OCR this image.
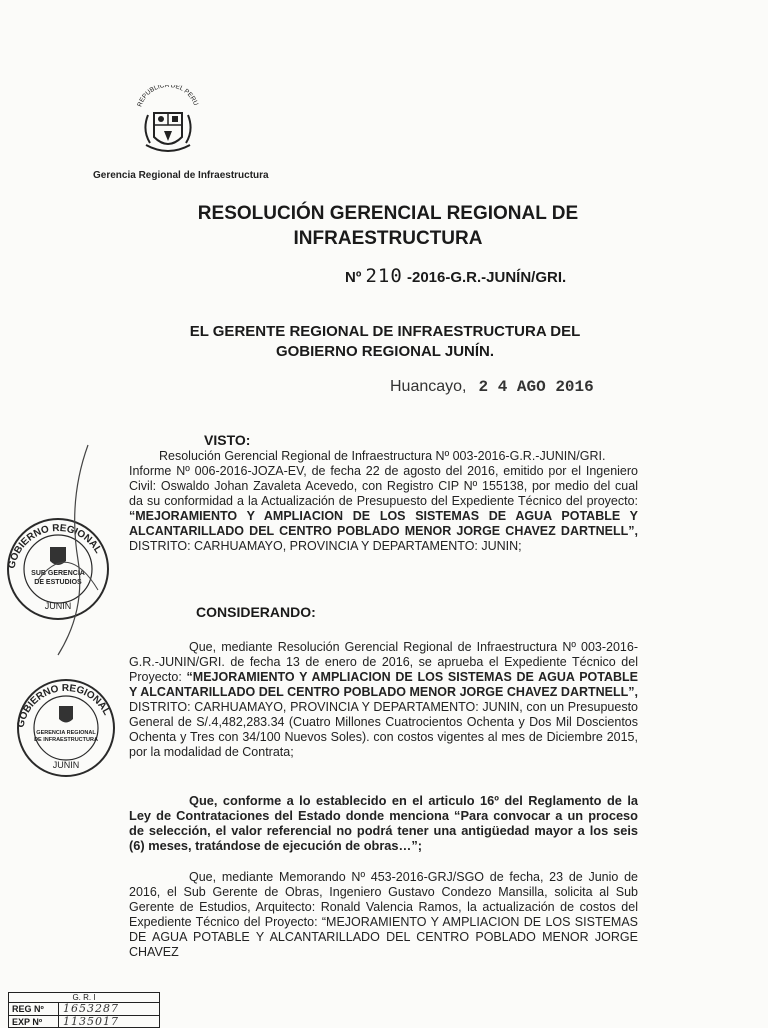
REPUBLICA DEL PERU
Gerencia Regional de Infraestructura
RESOLUCIÓN GERENCIAL REGIONAL DE
INFRAESTRUCTURA
Nº 210 -2016-G.R.-JUNÍN/GRI.
EL GERENTE REGIONAL DE INFRAESTRUCTURA DEL
GOBIERNO REGIONAL JUNÍN.
Huancayo, 2 4 AGO 2016
VISTO:
Resolución Gerencial Regional de Infraestructura Nº 003-2016-G.R.-JUNIN/GRI.
Informe Nº 006-2016-JOZA-EV, de fecha 22 de agosto del 2016, emitido por el Ingeniero Civil: Oswaldo Johan Zavaleta Acevedo, con Registro CIP Nº 155138, por medio del cual da su conformidad a la Actualización de Presupuesto del Expediente Técnico del proyecto: “MEJORAMIENTO Y AMPLIACION DE LOS SISTEMAS DE AGUA POTABLE Y ALCANTARILLADO DEL CENTRO POBLADO MENOR JORGE CHAVEZ DARTNELL”, DISTRITO: CARHUAMAYO, PROVINCIA Y DEPARTAMENTO: JUNIN;
CONSIDERANDO:
Que, mediante Resolución Gerencial Regional de Infraestructura Nº 003-2016-G.R.-JUNIN/GRI. de fecha 13 de enero de 2016, se aprueba el Expediente Técnico del Proyecto: “MEJORAMIENTO Y AMPLIACION DE LOS SISTEMAS DE AGUA POTABLE Y ALCANTARILLADO DEL CENTRO POBLADO MENOR JORGE CHAVEZ DARTNELL”, DISTRITO: CARHUAMAYO, PROVINCIA Y DEPARTAMENTO: JUNIN, con un Presupuesto General de S/.4,482,283.34 (Cuatro Millones Cuatrocientos Ochenta y Dos Mil Doscientos Ochenta y Tres con 34/100 Nuevos Soles). con costos vigentes al mes de Diciembre 2015, por la modalidad de Contrata;
Que, conforme a lo establecido en el articulo 16º del Reglamento de la Ley de Contrataciones del Estado donde menciona “Para convocar a un proceso de selección, el valor referencial no podrá tener una antigüedad mayor a los seis (6) meses, tratándose de ejecución de obras…”;
Que, mediante Memorando Nº 453-2016-GRJ/SGO de fecha, 23 de Junio de 2016, el Sub Gerente de Obras, Ingeniero Gustavo Condezo Mansilla, solicita al Sub Gerente de Estudios, Arquitecto: Ronald Valencia Ramos, la actualización de costos del Expediente Técnico del Proyecto: “MEJORAMIENTO Y AMPLIACION DE LOS SISTEMAS DE AGUA POTABLE Y ALCANTARILLADO DEL CENTRO POBLADO MENOR JORGE CHAVEZ
GOBIERNO REGIONAL
JUNIN
SUB GERENCIA
DE ESTUDIOS
GOBIERNO REGIONAL
JUNIN
GERENCIA REGIONAL
DE INFRAESTRUCTURA
G. R. I
REG Nº	1653287
EXP Nº	1135017
